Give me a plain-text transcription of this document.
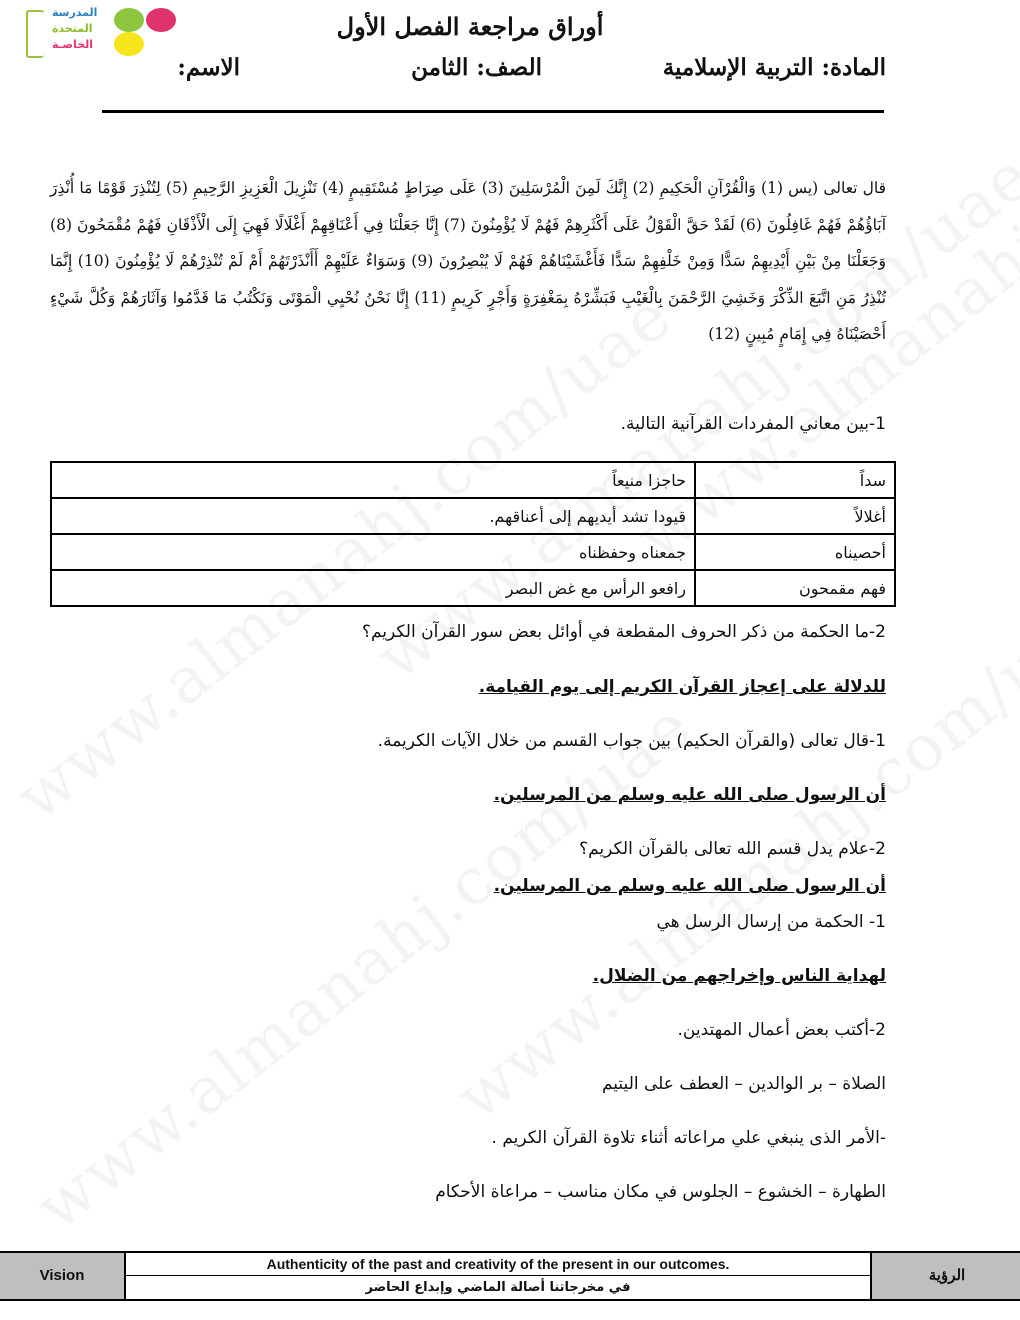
المدرسة
المتحدة
الخاصـة
أوراق مراجعة الفصل الأول
المادة: التربية الإسلامية
الصف: الثامن
الاسم:
قال تعالى (يس (1) وَالْقُرْآنِ الْحَكِيمِ (2) إِنَّكَ لَمِنَ الْمُرْسَلِينَ (3) عَلَى صِرَاطٍ مُسْتَقِيمٍ (4) تَنْزِيلَ الْعَزِيزِ الرَّحِيمِ (5) لِتُنْذِرَ قَوْمًا مَا أُنْذِرَ آبَاؤُهُمْ فَهُمْ غَافِلُونَ (6) لَقَدْ حَقَّ الْقَوْلُ عَلَى أَكْثَرِهِمْ فَهُمْ لَا يُؤْمِنُونَ (7) إِنَّا جَعَلْنَا فِي أَعْنَاقِهِمْ أَغْلَالًا فَهِيَ إِلَى الْأَذْقَانِ فَهُمْ مُقْمَحُونَ (8) وَجَعَلْنَا مِنْ بَيْنِ أَيْدِيهِمْ سَدًّا وَمِنْ خَلْفِهِمْ سَدًّا فَأَغْشَيْنَاهُمْ فَهُمْ لَا يُبْصِرُونَ (9) وَسَوَاءٌ عَلَيْهِمْ أَأَنْذَرْتَهُمْ أَمْ لَمْ تُنْذِرْهُمْ لَا يُؤْمِنُونَ (10) إِنَّمَا تُنْذِرُ مَنِ اتَّبَعَ الذِّكْرَ وَخَشِيَ الرَّحْمَنَ بِالْغَيْبِ فَبَشِّرْهُ بِمَغْفِرَةٍ وَأَجْرٍ كَرِيمٍ (11) إِنَّا نَحْنُ نُحْيِي الْمَوْتَى وَنَكْتُبُ مَا قَدَّمُوا وَآثَارَهُمْ وَكُلَّ شَيْءٍ أَحْصَيْنَاهُ فِي إِمَامٍ مُبِينٍ (12)
1-بين معاني المفردات القرآنية التالية.
سداً	حاجزا منيعاً
أغلالاً	قيودا تشد أيديهم إلى أعناقهم.
أحصيناه	جمعناه وحفظناه
فهم مقمحون	رافعو الرأس مع غض البصر
2-ما الحكمة من ذكر الحروف المقطعة في أوائل بعض سور القرآن الكريم؟
للدلالة على إعجاز القرآن الكريم إلى يوم القيامة.
1-قال تعالى (والقرآن الحكيم) بين جواب القسم من خلال الآيات الكريمة.
أن الرسول صلى الله عليه وسلم من المرسلين.
2-علام يدل قسم الله تعالى بالقرآن الكريم؟
أن الرسول صلى الله عليه وسلم من المرسلين.
1- الحكمة من إرسال الرسل هي
لهداية الناس وإخراجهم من الضلال.
2-أكتب بعض أعمال المهتدين.
الصلاة – بر الوالدين – العطف على اليتيم
-الأمر الذى ينبغي علي مراعاته أثناء تلاوة القرآن الكريم .
الطهارة – الخشوع – الجلوس في مكان مناسب – مراعاة الأحكام
Vision
Authenticity of the past and creativity of the present in our outcomes.
في مخرجاتنا أصالة الماضي وإبداع الحاضر
الرؤية
